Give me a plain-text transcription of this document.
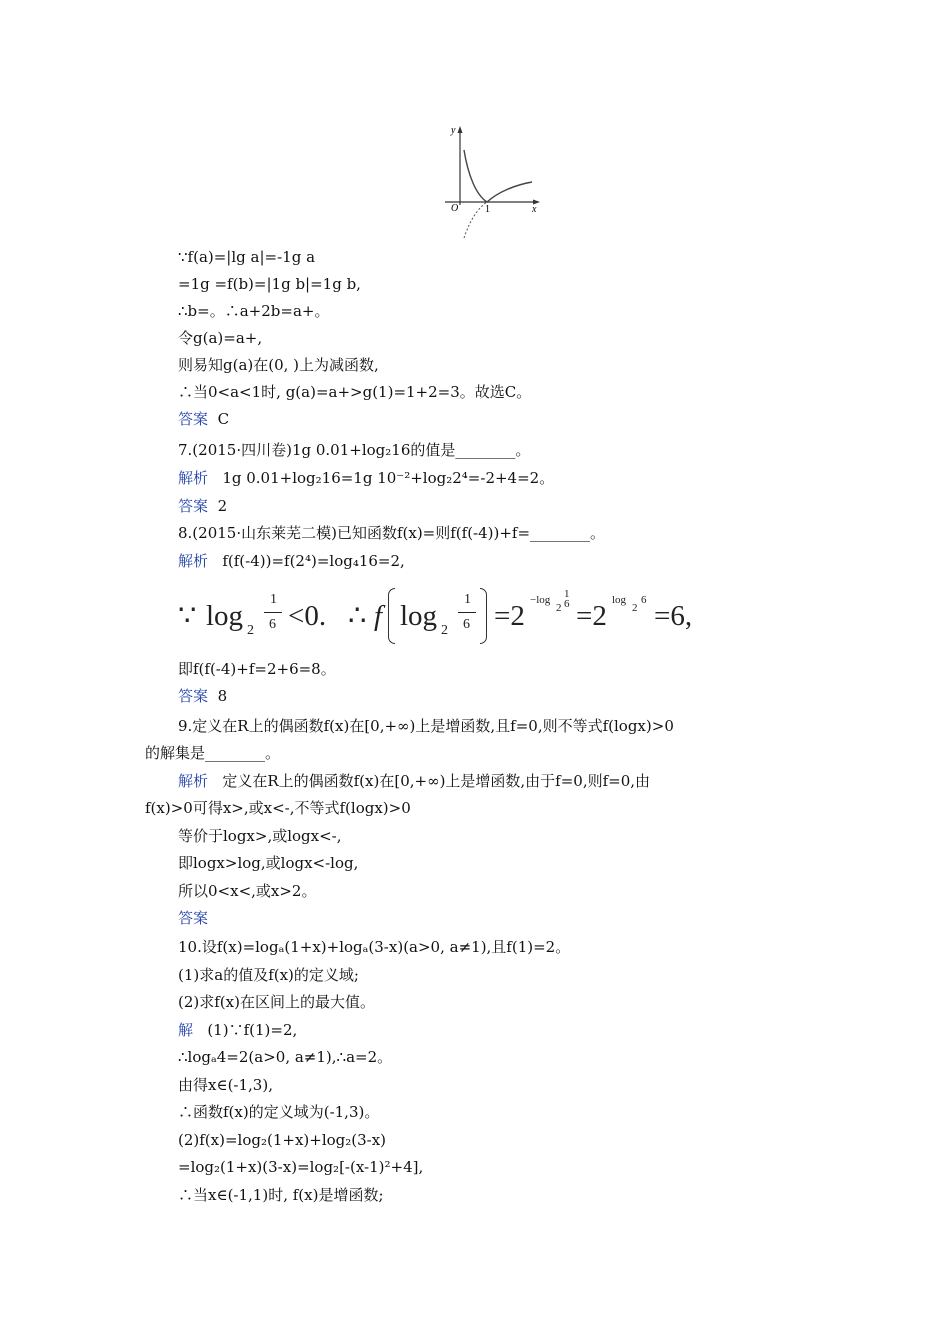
y
O	1	x
∵f(a)=|lg a|=-1g a
=1g =f(b)=|1g b|=1g b,
∴b=。∴a+2b=a+。
令g(a)=a+,
则易知g(a)在(0, )上为减函数,
∴当0<a<1时, g(a)=a+>g(1)=1+2=3。故选C。
答案 C
7.(2015·四川卷)1g 0.01+log₂16的值是________。
解析 1g 0.01+log₂16=1g 10⁻²+log₂2⁴=-2+4=2。
答案 2
8.(2015·山东莱芜二模)已知函数f(x)=则f(f(-4))+f=________。
解析 f(f(-4))=f(2⁴)=log₄16=2,
∵ log 2
1
6 <0. ∴ f log 2
1
6 =2 −log
2
1
6 =2 log
2
6 =6,
即f(f(-4)+f=2+6=8。
答案 8
9.定义在R上的偶函数f(x)在[0,+∞)上是增函数,且f=0,则不等式f(logx)>0
的解集是________。
解析 定义在R上的偶函数f(x)在[0,+∞)上是增函数,由于f=0,则f=0,由
f(x)>0可得x>,或x<-,不等式f(logx)>0
等价于logx>,或logx<-,
即logx>log,或logx<-log,
所以0<x<,或x>2。
答案
10.设f(x)=logₐ(1+x)+logₐ(3-x)(a>0, a≠1),且f(1)=2。
(1)求a的值及f(x)的定义域;
(2)求f(x)在区间上的最大值。
解 (1)∵f(1)=2,
∴logₐ4=2(a>0, a≠1),∴a=2。
由得x∈(-1,3),
∴函数f(x)的定义域为(-1,3)。
(2)f(x)=log₂(1+x)+log₂(3-x)
=log₂(1+x)(3-x)=log₂[-(x-1)²+4],
∴当x∈(-1,1)时, f(x)是增函数;
